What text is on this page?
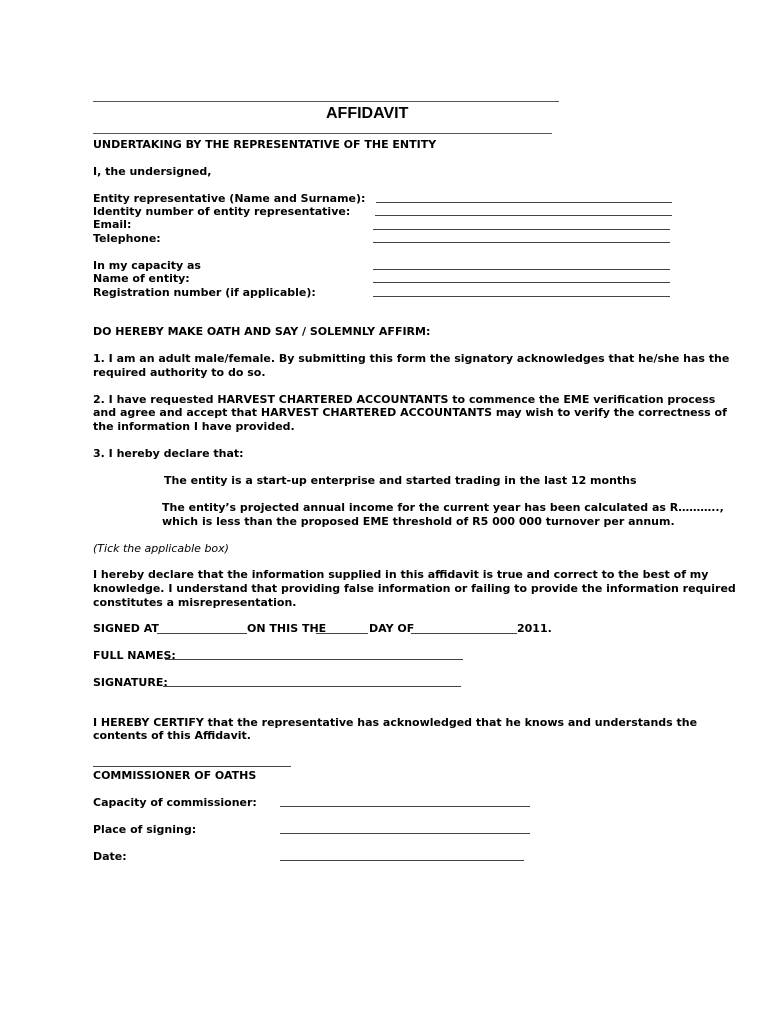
AFFIDAVIT
UNDERTAKING BY THE REPRESENTATIVE OF THE ENTITY
I, the undersigned,
Entity representative (Name and Surname):
Identity number of entity representative:
Email:
Telephone:
In my capacity as
Name of entity:
Registration number (if applicable):
DO HEREBY MAKE OATH AND SAY / SOLEMNLY AFFIRM:
1. I am an adult male/female. By submitting this form the signatory acknowledges that he/she has the
required authority to do so.
2. I have requested HARVEST CHARTERED ACCOUNTANTS to commence the EME verification process
and agree and accept that HARVEST CHARTERED ACCOUNTANTS may wish to verify the correctness of
the information I have provided.
3. I hereby declare that:
The entity is a start-up enterprise and started trading in the last 12 months
The entity’s projected annual income for the current year has been calculated as R………..,
which is less than the proposed EME threshold of R5 000 000 turnover per annum.
(Tick the applicable box)
I hereby declare that the information supplied in this affidavit is true and correct to the best of my
knowledge. I understand that providing false information or failing to provide the information required
constitutes a misrepresentation.
SIGNED AT	ON THIS THE	DAY OF	2011.
FULL NAMES:
SIGNATURE:
I HEREBY CERTIFY that the representative has acknowledged that he knows and understands the
contents of this Affidavit.
COMMISSIONER OF OATHS
Capacity of commissioner:
Place of signing:
Date:
